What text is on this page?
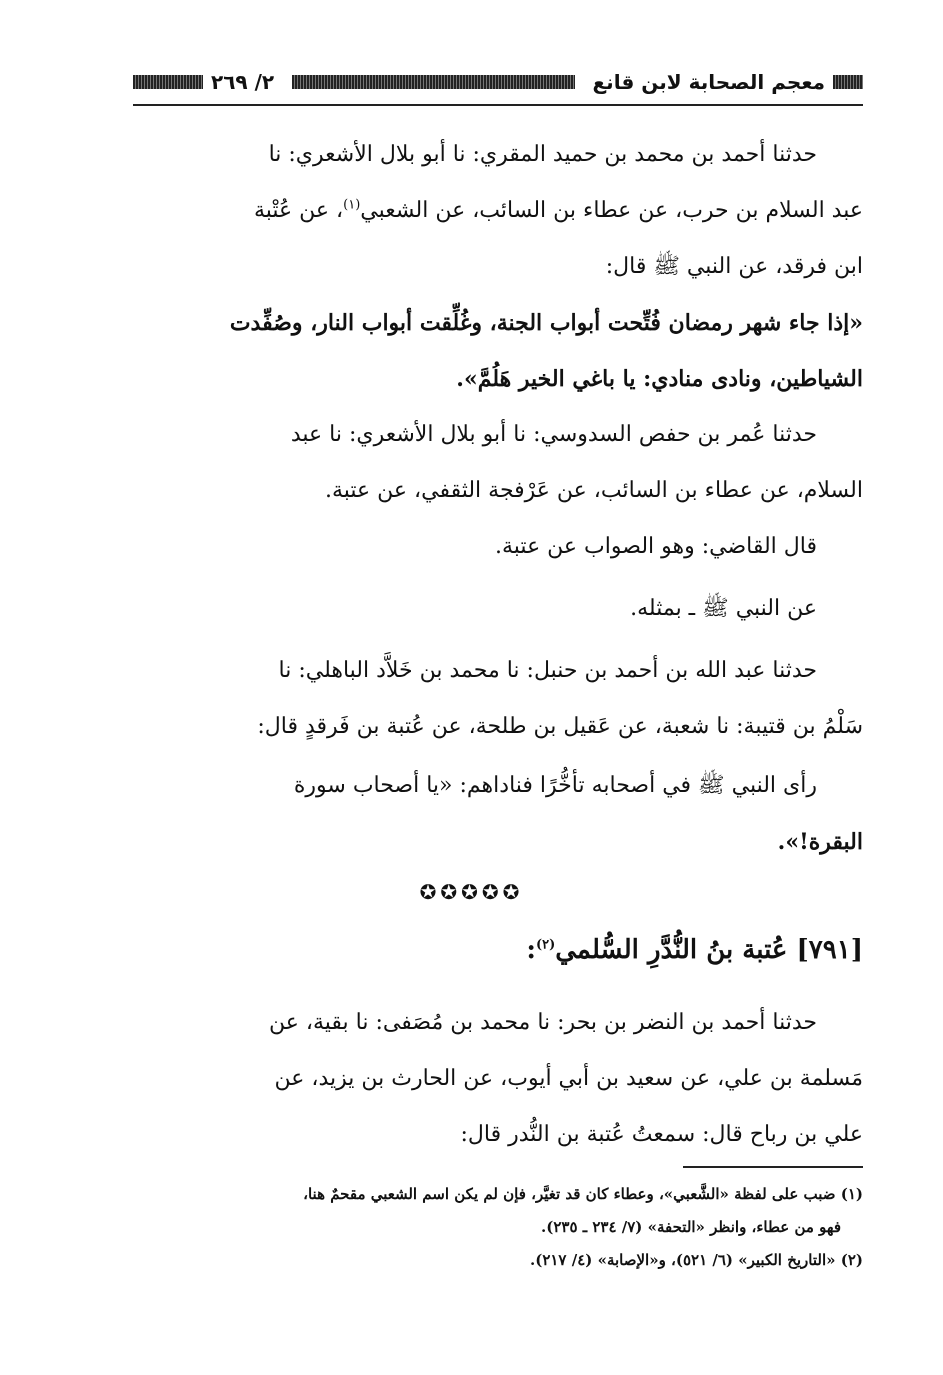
معجم الصحابة لابن قانع
٢/ ٢٦٩

حدثنا أحمد بن محمد بن حميد المقري: نا أبو بلال الأشعري: نا

عبد السلام بن حرب، عن عطاء بن السائب، عن الشعبي$^{(١)}$، عن عُتْبة

ابن فرقد، عن النبي ﷺ قال:

«إذا جاء شهر رمضان فُتِّحت أبواب الجنة، وغُلِّقت أبواب النار، وصُفِّدت

الشياطين، ونادى منادي: يا باغي الخير هَلُمَّ».

حدثنا عُمر بن حفص السدوسي: نا أبو بلال الأشعري: نا عبد

السلام، عن عطاء بن السائب، عن عَرْفجة الثقفي، عن عتبة.

قال القاضي: وهو الصواب عن عتبة.

عن النبي ﷺ ـ بمثله.

حدثنا عبد الله بن أحمد بن حنبل: نا محمد بن خَلاَّد الباهلي: نا

سَلْمُ بن قتيبة: نا شعبة، عن عَقيل بن طلحة، عن عُتبة بن فَرقدٍ قال:

رأى النبي ﷺ في أصحابه تأخُّرًا فناداهم: «يا أصحاب سورة

البقرة!».

✪✪✪✪✪
[٧٩١] عُتبة بنُ النُّدَّرِ السُّلمي$^{(٢)}$:

حدثنا أحمد بن النضر بن بحر: نا محمد بن مُصَفى: نا بقية، عن

مَسلمة بن علي، عن سعيد بن أبي أيوب، عن الحارث بن يزيد، عن

علي بن رباح قال: سمعتُ عُتبة بن النُّدر قال:

(١) ضبب على لفظة «الشَّعبي»، وعطاء كان قد تغيَّر، فإن لم يكن اسم الشعبي مقحمٌ هنا،

فهو من عطاء، وانظر «التحفة» (٧/ ٢٣٤ ـ ٢٣٥).

(٢) «التاريخ الكبير» (٦/ ٥٢١)، و«الإصابة» (٤/ ٢١٧).
